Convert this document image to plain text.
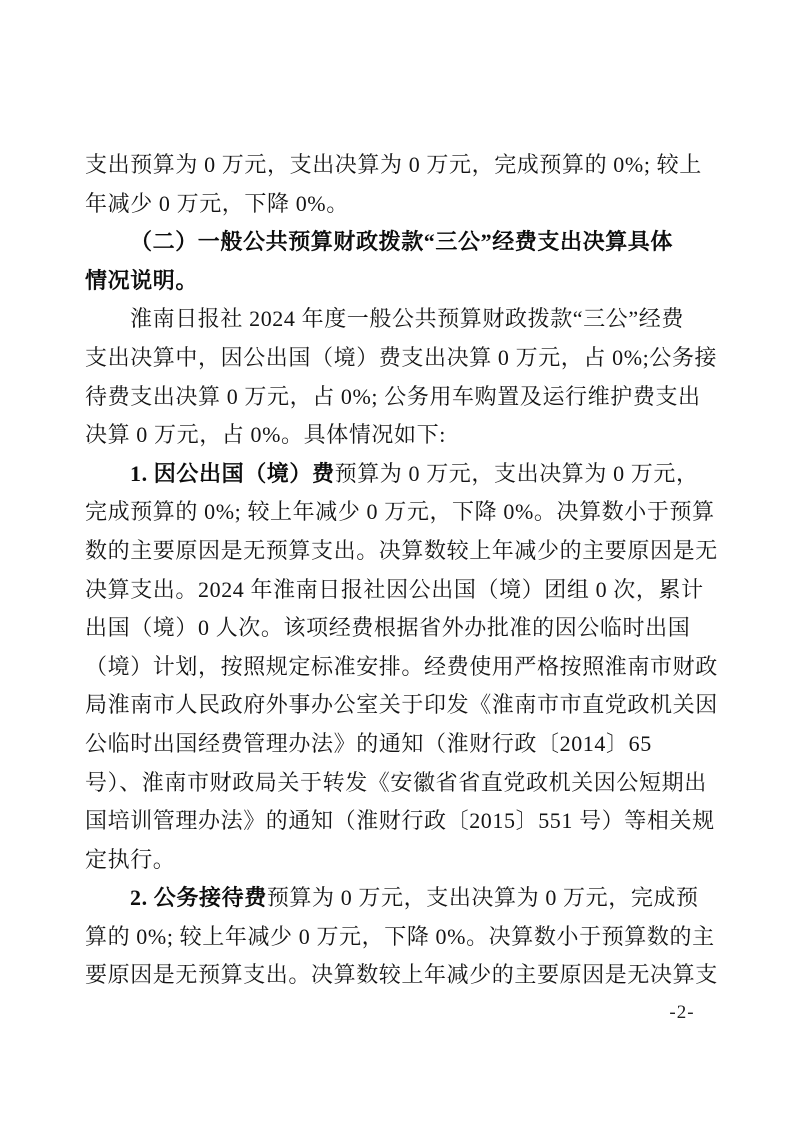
支出预算为 0 万元，支出决算为 0 万元，完成预算的 0%; 较上
年减少 0 万元，下降 0%。
（二）一般公共预算财政拨款“三公”经费支出决算具体
情况说明。
淮南日报社 2024 年度一般公共预算财政拨款“三公”经费
支出决算中，因公出国（境）费支出决算 0 万元，占 0%;公务接
待费支出决算 0 万元，占 0%; 公务用车购置及运行维护费支出
决算 0 万元，占 0%。具体情况如下:
1. 因公出国（境）费预算为 0 万元，支出决算为 0 万元，
完成预算的 0%; 较上年减少 0 万元，下降 0%。决算数小于预算
数的主要原因是无预算支出。决算数较上年减少的主要原因是无
决算支出。2024 年淮南日报社因公出国（境）团组 0 次，累计
出国（境）0 人次。该项经费根据省外办批准的因公临时出国
（境）计划，按照规定标准安排。经费使用严格按照淮南市财政
局淮南市人民政府外事办公室关于印发《淮南市市直党政机关因
公临时出国经费管理办法》的通知（淮财行政〔2014〕65
号）、淮南市财政局关于转发《安徽省省直党政机关因公短期出
国培训管理办法》的通知（淮财行政〔2015〕551 号）等相关规
定执行。
2. 公务接待费预算为 0 万元，支出决算为 0 万元，完成预
算的 0%; 较上年减少 0 万元，下降 0%。决算数小于预算数的主
要原因是无预算支出。决算数较上年减少的主要原因是无决算支
-2-
